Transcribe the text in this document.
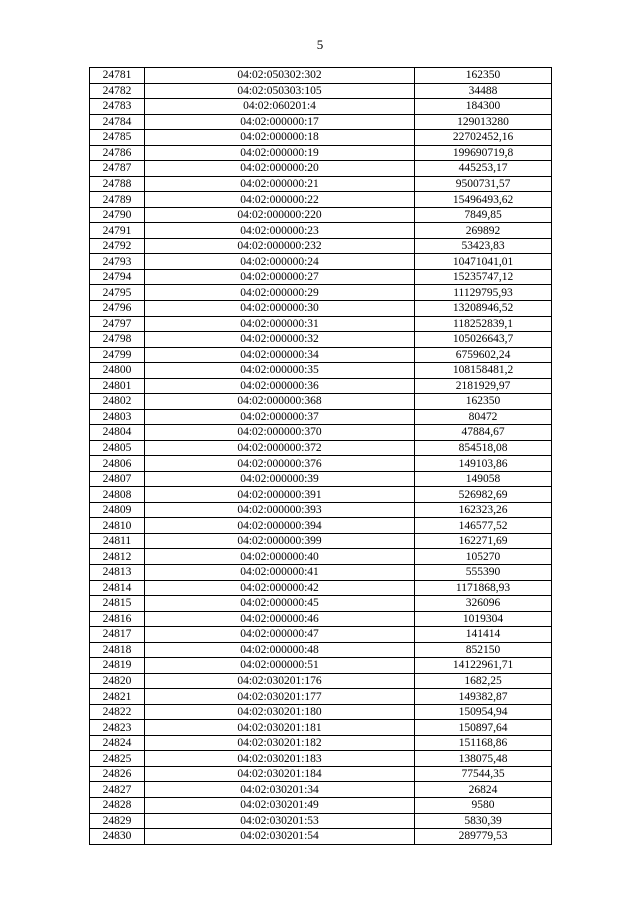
5
24781	04:02:050302:302	162350
24782	04:02:050303:105	34488
24783	04:02:060201:4	184300
24784	04:02:000000:17	129013280
24785	04:02:000000:18	22702452,16
24786	04:02:000000:19	199690719,8
24787	04:02:000000:20	445253,17
24788	04:02:000000:21	9500731,57
24789	04:02:000000:22	15496493,62
24790	04:02:000000:220	7849,85
24791	04:02:000000:23	269892
24792	04:02:000000:232	53423,83
24793	04:02:000000:24	10471041,01
24794	04:02:000000:27	15235747,12
24795	04:02:000000:29	11129795,93
24796	04:02:000000:30	13208946,52
24797	04:02:000000:31	118252839,1
24798	04:02:000000:32	105026643,7
24799	04:02:000000:34	6759602,24
24800	04:02:000000:35	108158481,2
24801	04:02:000000:36	2181929,97
24802	04:02:000000:368	162350
24803	04:02:000000:37	80472
24804	04:02:000000:370	47884,67
24805	04:02:000000:372	854518,08
24806	04:02:000000:376	149103,86
24807	04:02:000000:39	149058
24808	04:02:000000:391	526982,69
24809	04:02:000000:393	162323,26
24810	04:02:000000:394	146577,52
24811	04:02:000000:399	162271,69
24812	04:02:000000:40	105270
24813	04:02:000000:41	555390
24814	04:02:000000:42	1171868,93
24815	04:02:000000:45	326096
24816	04:02:000000:46	1019304
24817	04:02:000000:47	141414
24818	04:02:000000:48	852150
24819	04:02:000000:51	14122961,71
24820	04:02:030201:176	1682,25
24821	04:02:030201:177	149382,87
24822	04:02:030201:180	150954,94
24823	04:02:030201:181	150897,64
24824	04:02:030201:182	151168,86
24825	04:02:030201:183	138075,48
24826	04:02:030201:184	77544,35
24827	04:02:030201:34	26824
24828	04:02:030201:49	9580
24829	04:02:030201:53	5830,39
24830	04:02:030201:54	289779,53
